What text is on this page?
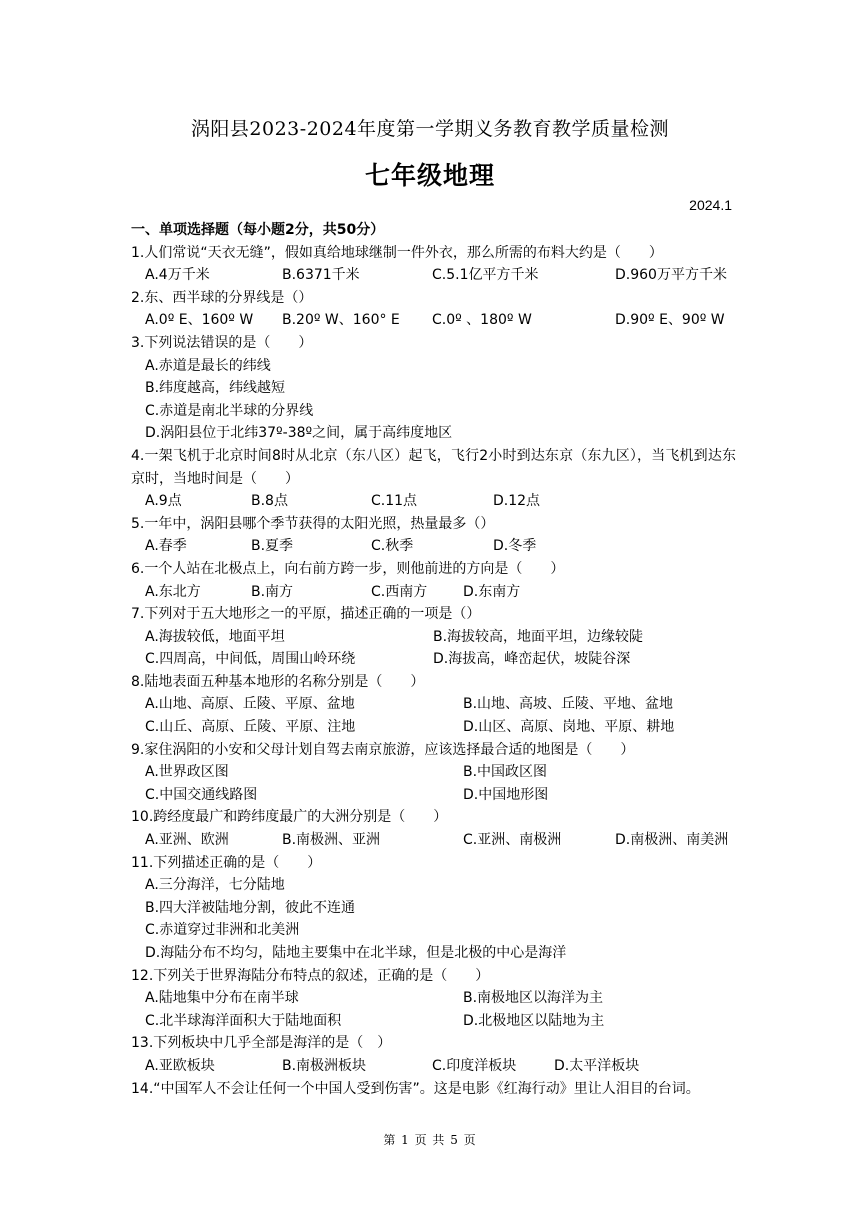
涡阳县2023-2024年度第一学期义务教育教学质量检测
七年级地理
2024.1
一、单项选择题（每小题2分，共50分）
1.人们常说“天衣无缝”，假如真给地球继制一件外衣，那么所需的布料大约是（　　）
A.4万千米	B.6371千米	C.5.1亿平方千米	D.960万平方千米
2.东、西半球的分界线是（）
A.0º E、160º W B.20º W、160° E C.0º 、180º W	D.90º E、90º W
3.下列说法错误的是（　　）
A.赤道是最长的纬线
B.纬度越高，纬线越短
C.赤道是南北半球的分界线
D.涡阳县位于北纬37º-38º之间，属于高纬度地区
4.一架飞机于北京时间8时从北京（东八区）起飞，飞行2小时到达东京（东九区），当飞机到达东京时，当地时间是（　　）
A.9点	B.8点	C.11点	D.12点
5.一年中，涡阳县哪个季节获得的太阳光照，热量最多（）
A.春季	B.夏季	C.秋季	D.冬季
6.一个人站在北极点上，向右前方跨一步，则他前进的方向是（　　）
A.东北方	B.南方	C.西南方	D.东南方
7.下列对于五大地形之一的平原，描述正确的一项是（）
A.海拔较低，地面平坦	B.海拔较高，地面平坦，边缘较陡
C.四周高，中间低，周围山岭环绕	D.海拔高，峰峦起伏，坡陡谷深
8.陆地表面五种基本地形的名称分别是（　　）
A.山地、高原、丘陵、平原、盆地	B.山地、高坡、丘陵、平地、盆地
C.山丘、高原、丘陵、平原、注地	D.山区、高原、岗地、平原、耕地
9.家住涡阳的小安和父母计划自驾去南京旅游，应该选择最合适的地图是（　　）
A.世界政区图	B.中国政区图
C.中国交通线路图	D.中国地形图
10.跨经度最广和跨纬度最广的大洲分别是（　　）
A.亚洲、欧洲	B.南极洲、亚洲	C.亚洲、南极洲	D.南极洲、南美洲
11.下列描述正确的是（　　）
A.三分海洋，七分陆地
B.四大洋被陆地分割，彼此不连通
C.赤道穿过非洲和北美洲
D.海陆分布不均匀，陆地主要集中在北半球，但是北极的中心是海洋
12.下列关于世界海陆分布特点的叙述，正确的是（　　）
A.陆地集中分布在南半球	B.南极地区以海洋为主
C.北半球海洋面积大于陆地面积	D.北极地区以陆地为主
13.下列板块中几乎全部是海洋的是（　）
A.亚欧板块	B.南极洲板块	C.印度洋板块	D.太平洋板块
14.“中国军人不会让任何一个中国人受到伤害”。这是电影《红海行动》里让人泪目的台词。
第 1 页 共 5 页
